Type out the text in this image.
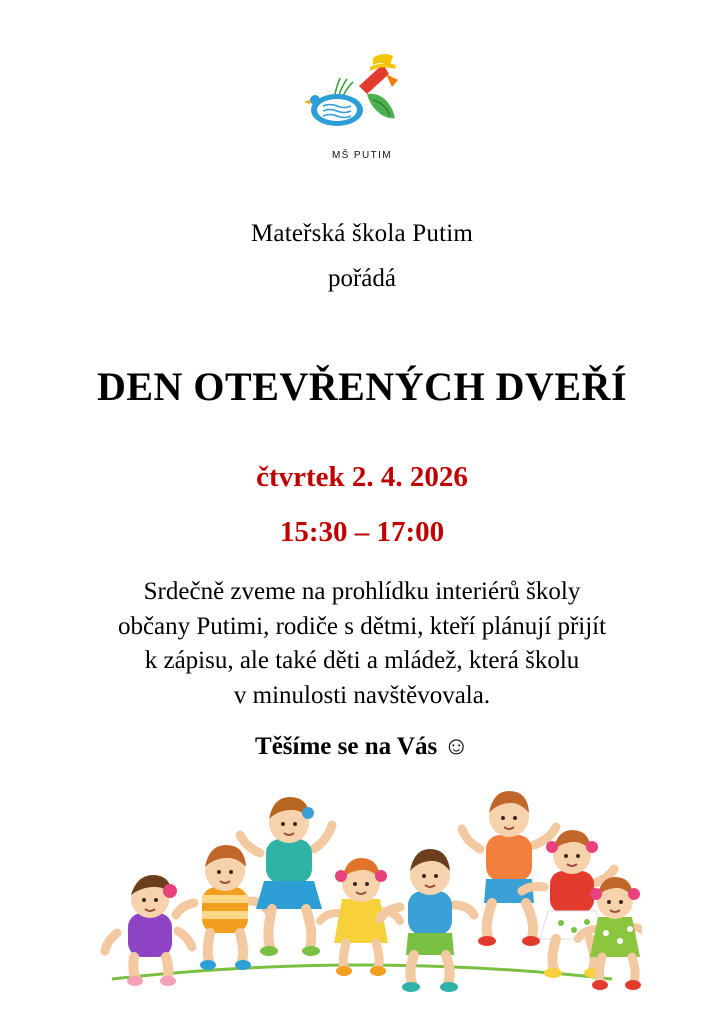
MŠ PUTIM
Mateřská škola Putim
pořádá
DEN OTEVŘENÝCH DVEŘÍ
čtvrtek 2. 4. 2026
15:30 – 17:00
Srdečně zveme na prohlídku interiérů školy
občany Putimi, rodiče s dětmi, kteří plánují přijít
k zápisu, ale také děti a mládež, která školu
v minulosti navštěvovala.
Těšíme se na Vás ☺
